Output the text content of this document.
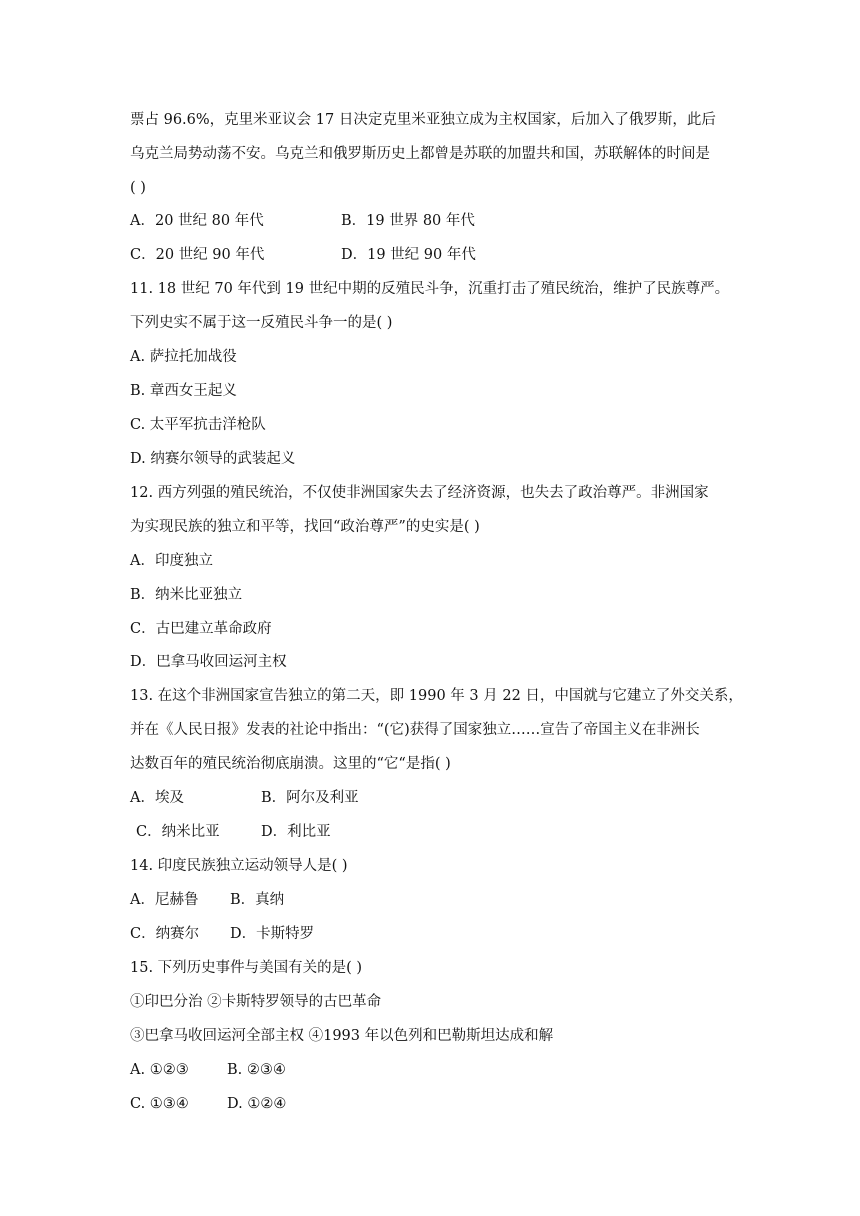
票占 96.6%，克里米亚议会 17 日决定克里米亚独立成为主权国家，后加入了俄罗斯，此后
乌克兰局势动荡不安。乌克兰和俄罗斯历史上都曾是苏联的加盟共和国，苏联解体的时间是
( )
A．20 世纪 80 年代	B．19 世界 80 年代
C．20 世纪 90 年代	D．19 世纪 90 年代
11. 18 世纪 70 年代到 19 世纪中期的反殖民斗争，沉重打击了殖民统治，维护了民族尊严。
下列史实不属于这一反殖民斗争一的是( )
A. 萨拉托加战役
B. 章西女王起义
C. 太平军抗击洋枪队
D. 纳赛尔领导的武装起义
12. 西方列强的殖民统治，不仅使非洲国家失去了经济资源，也失去了政治尊严。非洲国家
为实现民族的独立和平等，找回“政治尊严”的史实是( )
A．印度独立
B．纳米比亚独立
C．古巴建立革命政府
D．巴拿马收回运河主权
13. 在这个非洲国家宣告独立的第二天，即 1990 年 3 月 22 日，中国就与它建立了外交关系，
并在《人民日报》发表的社论中指出：“(它)获得了国家独立……宣告了帝国主义在非洲长
达数百年的殖民统治彻底崩溃。这里的“它“是指( )
A．埃及	B．阿尔及利亚
C．纳米比亚	D．利比亚
14. 印度民族独立运动领导人是( )
A．尼赫鲁 B．真纳
C．纳赛尔 D．卡斯特罗
15. 下列历史事件与美国有关的是( )
①印巴分治 ②卡斯特罗领导的古巴革命
③巴拿马收回运河全部主权 ④1993 年以色列和巴勒斯坦达成和解
A. ①②③	B. ②③④
C. ①③④	D. ①②④
